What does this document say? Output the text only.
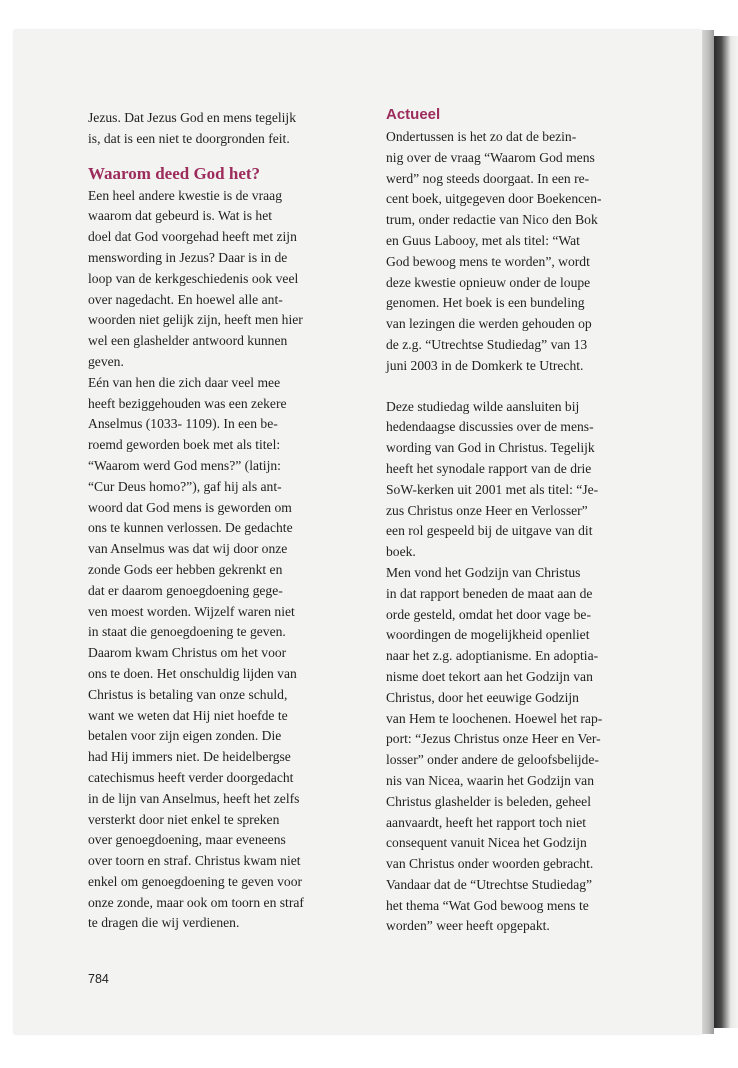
Jezus. Dat Jezus God en mens tegelijk
is, dat is een niet te doorgronden feit.
Waarom deed God het?
Een heel andere kwestie is de vraag
waarom dat gebeurd is. Wat is het
doel dat God voorgehad heeft met zijn
menswording in Jezus? Daar is in de
loop van de kerkgeschiedenis ook veel
over nagedacht. En hoewel alle ant-
woorden niet gelijk zijn, heeft men hier
wel een glashelder antwoord kunnen
geven.
Eén van hen die zich daar veel mee
heeft beziggehouden was een zekere
Anselmus (1033- 1109). In een be-
roemd geworden boek met als titel:
“Waarom werd God mens?” (latijn:
“Cur Deus homo?”), gaf hij als ant-
woord dat God mens is geworden om
ons te kunnen verlossen. De gedachte
van Anselmus was dat wij door onze
zonde Gods eer hebben gekrenkt en
dat er daarom genoegdoening gege-
ven moest worden. Wijzelf waren niet
in staat die genoegdoening te geven.
Daarom kwam Christus om het voor
ons te doen. Het onschuldig lijden van
Christus is betaling van onze schuld,
want we weten dat Hij niet hoefde te
betalen voor zijn eigen zonden. Die
had Hij immers niet. De heidelbergse
catechismus heeft verder doorgedacht
in de lijn van Anselmus, heeft het zelfs
versterkt door niet enkel te spreken
over genoegdoening, maar eveneens
over toorn en straf. Christus kwam niet
enkel om genoegdoening te geven voor
onze zonde, maar ook om toorn en straf
te dragen die wij verdienen.
Actueel
Ondertussen is het zo dat de bezin-
nig over de vraag “Waarom God mens
werd” nog steeds doorgaat. In een re-
cent boek, uitgegeven door Boekencen-
trum, onder redactie van Nico den Bok
en Guus Labooy, met als titel: “Wat
God bewoog mens te worden”, wordt
deze kwestie opnieuw onder de loupe
genomen. Het boek is een bundeling
van lezingen die werden gehouden op
de z.g. “Utrechtse Studiedag” van 13
juni 2003 in de Domkerk te Utrecht.
Deze studiedag wilde aansluiten bij
hedendaagse discussies over de mens-
wording van God in Christus. Tegelijk
heeft het synodale rapport van de drie
SoW-kerken uit 2001 met als titel: “Je-
zus Christus onze Heer en Verlosser”
een rol gespeeld bij de uitgave van dit
boek.
Men vond het Godzijn van Christus
in dat rapport beneden de maat aan de
orde gesteld, omdat het door vage be-
woordingen de mogelijkheid openliet
naar het z.g. adoptianisme. En adoptia-
nisme doet tekort aan het Godzijn van
Christus, door het eeuwige Godzijn
van Hem te loochenen. Hoewel het rap-
port: “Jezus Christus onze Heer en Ver-
losser” onder andere de geloofsbelijde-
nis van Nicea, waarin het Godzijn van
Christus glashelder is beleden, geheel
aanvaardt, heeft het rapport toch niet
consequent vanuit Nicea het Godzijn
van Christus onder woorden gebracht.
Vandaar dat de “Utrechtse Studiedag”
het thema “Wat God bewoog mens te
worden” weer heeft opgepakt.
784
